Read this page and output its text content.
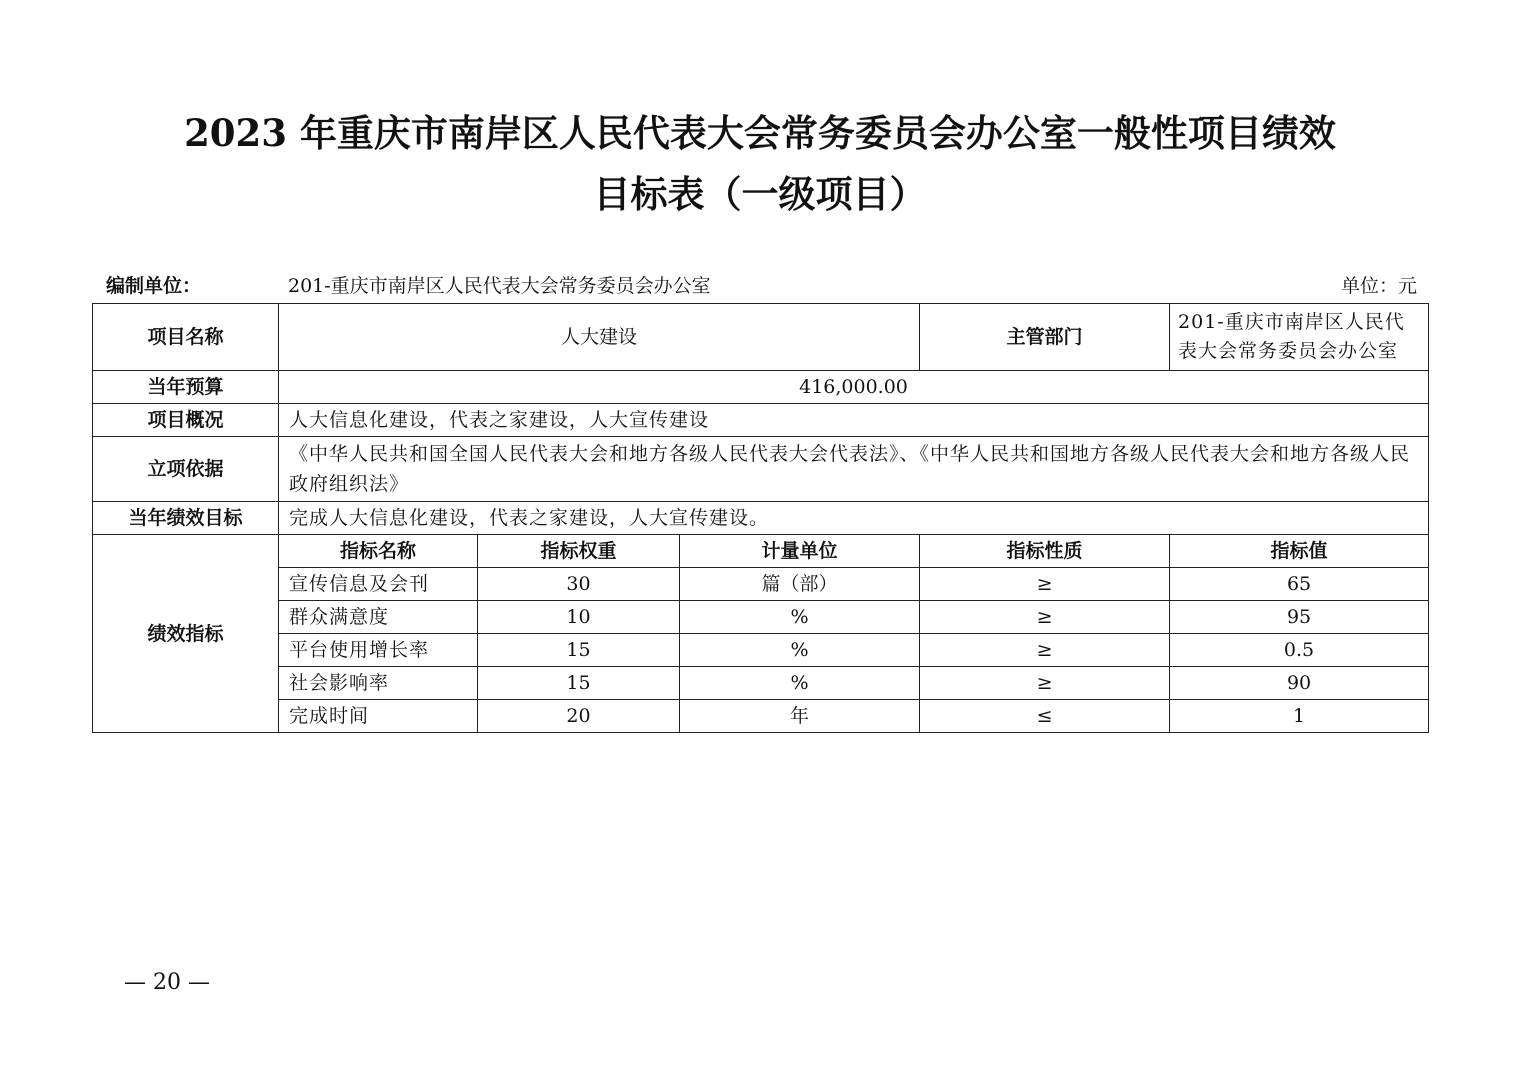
2023 年重庆市南岸区人民代表大会常务委员会办公室一般性项目绩效
目标表（一级项目）
编制单位：	201-重庆市南岸区人民代表大会常务委员会办公室	单位：元
项目名称	人大建设			主管部门	201-重庆市南岸区人民代表大会常务委员会办公室
当年预算	416,000.00				
项目概况	人大信息化建设，代表之家建设，人大宣传建设				
立项依据	《中华人民共和国全国人民代表大会和地方各级人民代表大会代表法》、《中华人民共和国地方各级人民代表大会和地方各级人民政府组织法》				
当年绩效目标	完成人大信息化建设，代表之家建设，人大宣传建设。				
绩效指标	指标名称	指标权重	计量单位	指标性质	指标值
	宣传信息及会刊	30	篇（部）	≥	65
	群众满意度	10	%	≥	95
	平台使用增长率	15	%	≥	0.5
	社会影响率	15	%	≥	90
	完成时间	20	年	≤	1
— 20 —
